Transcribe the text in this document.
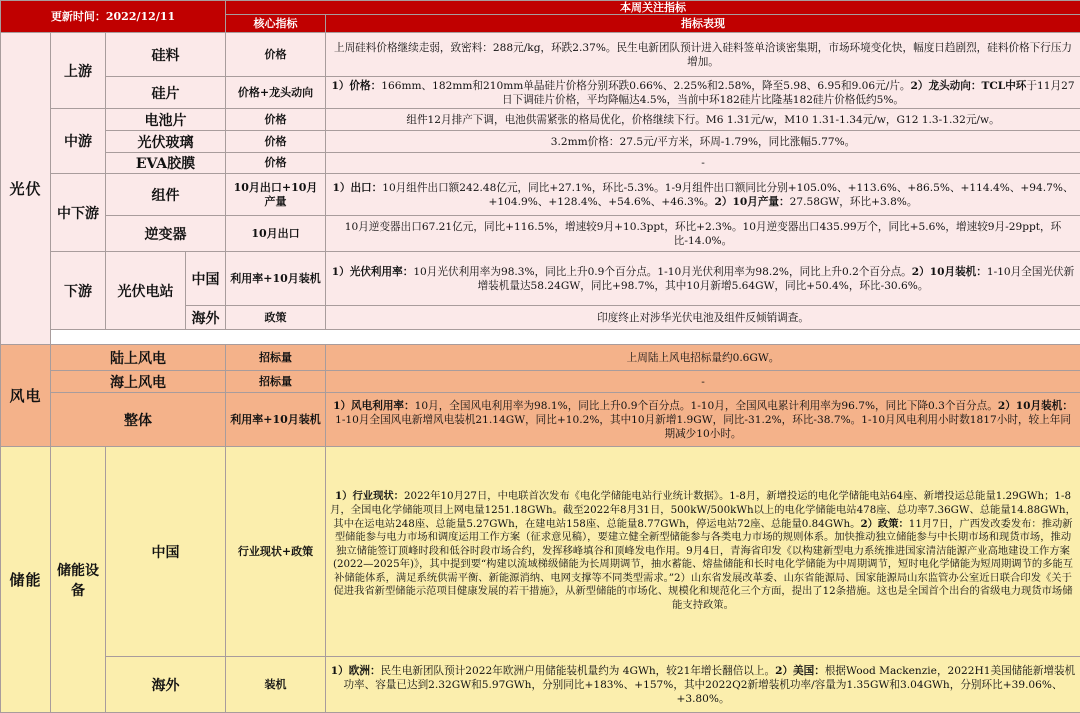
更新时间：2022/12/11				本周关注指标	
				核心指标	指标表现
光伏	上游	硅料		价格	上周硅料价格继续走弱，致密料：288元/kg，环跌2.37%。民生电新团队预计进入硅料签单洽谈密集期，市场环境变化快，幅度日趋剧烈，硅料价格下行压力增加。
		硅片		价格+龙头动向	1）价格：166mm、182mm和210mm单晶硅片价格分别环跌0.66%、2.25%和2.58%，降至5.98、6.95和9.06元/片。2）龙头动向：TCL中环于11月27日下调硅片价格，平均降幅达4.5%，当前中环182硅片比隆基182硅片价格低约5%。
	中游	电池片		价格	组件12月排产下调，电池供需紧张的格局优化，价格继续下行。M6 1.31元/w，M10 1.31-1.34元/w，G12 1.3-1.32元/w。
		光伏玻璃		价格	3.2mm价格：27.5元/平方米，环周-1.79%，同比涨幅5.77%。
		EVA胶膜		价格	-
	中下游	组件		10月出口+10月产量	1）出口：10月组件出口额242.48亿元，同比+27.1%，环比-5.3%。1-9月组件出口额同比分别+105.0%、+113.6%、+86.5%、+114.4%、+94.7%、+104.9%、+128.4%、+54.6%、+46.3%。2）10月产量：27.58GW，环比+3.8%。
		逆变器		10月出口	10月逆变器出口67.21亿元，同比+116.5%，增速较9月+10.3ppt，环比+2.3%。10月逆变器出口435.99万个，同比+5.6%，增速较9月-29ppt，环比-14.0%。
	下游	光伏电站	中国	利用率+10月装机	1）光伏利用率：10月光伏利用率为98.3%，同比上升0.9个百分点。1-10月光伏利用率为98.2%，同比上升0.2个百分点。2）10月装机：1-10月全国光伏新增装机量达58.24GW，同比+98.7%，其中10月新增5.64GW，同比+50.4%，环比-30.6%。
			海外	政策	印度终止对涉华光伏电池及组件反倾销调查。

风电	陆上风电			招标量	上周陆上风电招标量约0.6GW。
	海上风电			招标量	-
	整体			利用率+10月装机	1）风电利用率：10月，全国风电利用率为98.1%，同比上升0.9个百分点。1-10月，全国风电累计利用率为96.7%，同比下降0.3个百分点。2）10月装机：1-10月全国风电新增风电装机21.14GW，同比+10.2%，其中10月新增1.9GW，同比-31.2%，环比-38.7%。1-10月风电利用小时数1817小时，较上年同期减少10小时。
储能	储能设备	中国		行业现状+政策	1）行业现状：2022年10月27日，中电联首次发布《电化学储能电站行业统计数据》。1-8月，新增投运的电化学储能电站64座、新增投运总能量1.29GWh；1-8月，全国电化学储能项目上网电量1251.18GWh。截至2022年8月31日，500kW/500kWh以上的电化学储能电站478座、总功率7.36GW、总能量14.88GWh，其中在运电站248座、总能量5.27GWh，在建电站158座、总能量8.77GWh，停运电站72座、总能量0.84GWh。2）政策：11月7日，广西发改委发布：推动新型储能参与电力市场和调度运用工作方案（征求意见稿），要建立健全新型储能参与各类电力市场的规则体系。加快推动独立储能参与中长期市场和现货市场，推动独立储能签订顶峰时段和低谷时段市场合约，发挥移峰填谷和顶峰发电作用。9月4日，青海省印发《以构建新型电力系统推进国家清洁能源产业高地建设工作方案(2022—2025年)》，其中提到要“构建以流域梯级储能为长周期调节，抽水蓄能、熔盐储能和长时电化学储能为中周期调节，短时电化学储能为短周期调节的多能互补储能体系，满足系统供需平衡、新能源消纳、电网支撑等不同类型需求。”2）山东省发展改革委、山东省能源局、国家能源局山东监管办公室近日联合印发《关于促进我省新型储能示范项目健康发展的若干措施》，从新型储能的市场化、规模化和规范化三个方面，提出了12条措施。这也是全国首个出台的省级电力现货市场储能支持政策。
		海外		装机	1）欧洲：民生电新团队预计2022年欧洲户用储能装机量约为 4GWh，较21年增长翻倍以上。2）美国：根据Wood Mackenzie，2022H1美国储能新增装机功率、容量已达到2.32GW和5.97GWh，分别同比+183%、+157%，其中2022Q2新增装机功率/容量为1.35GW和3.04GWh，分别环比+39.06%、+3.80%。
